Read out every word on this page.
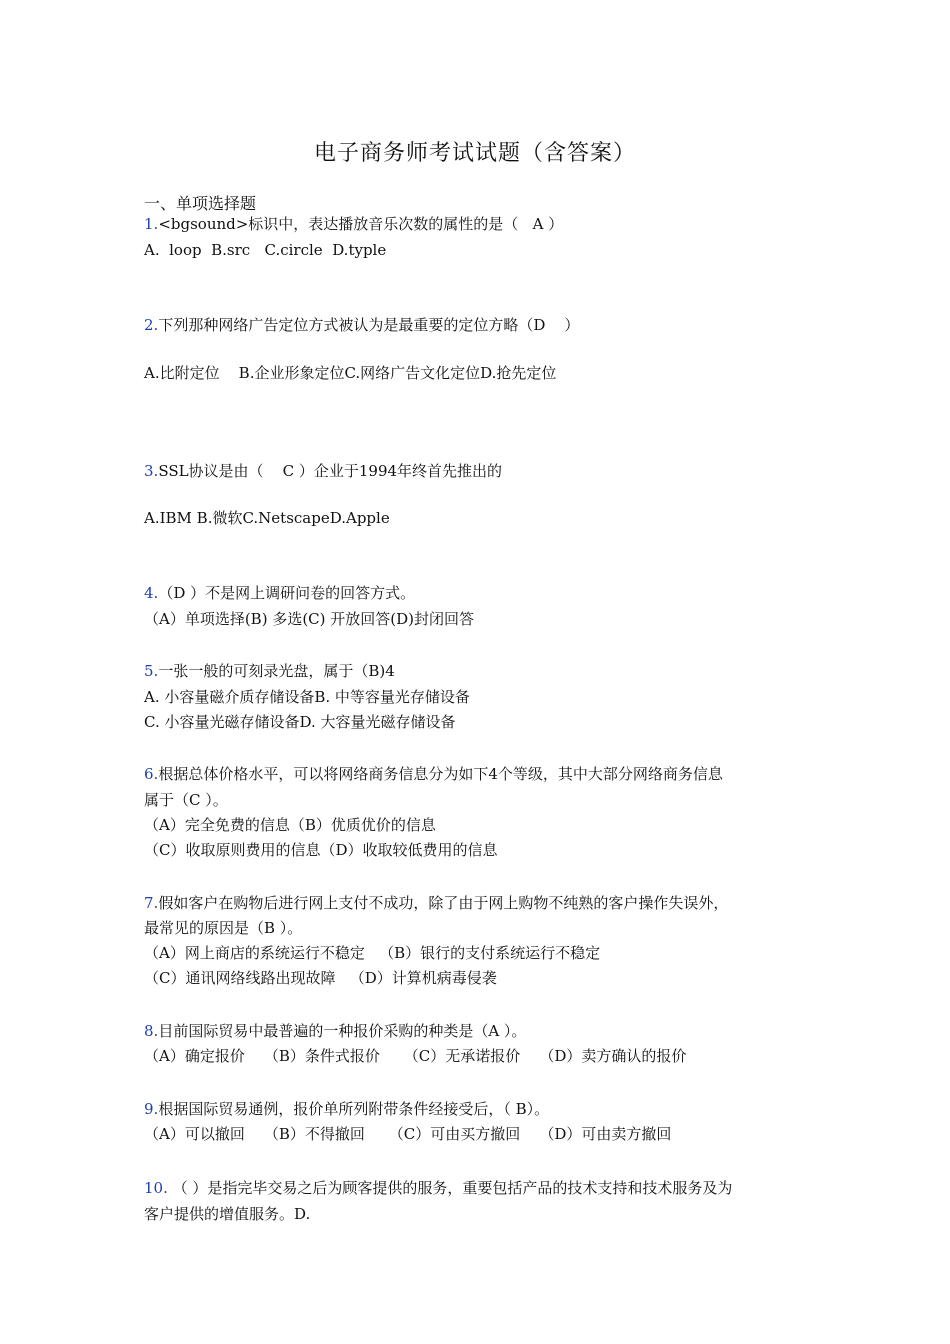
电子商务师考试试题（含答案）
一、单项选择题
1.<bgsound>标识中，表达播放音乐次数的属性的是（   A ）
A.  loop  B.src   C.circle  D.typle
2.下列那种网络广告定位方式被认为是最重要的定位方略（D    ）
A.比附定位    B.企业形象定位C.网络广告文化定位D.抢先定位
3.SSL协议是由（    C ）企业于1994年终首先推出的
A.IBM B.微软C.NetscapeD.Apple
4.（D ）不是网上调研问卷的回答方式。
（A）单项选择(B) 多选(C) 开放回答(D)封闭回答
5.一张一般的可刻录光盘，属于（B)4
A. 小容量磁介质存储设备B. 中等容量光存储设备
C. 小容量光磁存储设备D. 大容量光磁存储设备
6.根据总体价格水平，可以将网络商务信息分为如下4个等级，其中大部分网络商务信息
属于（C ）。
（A）完全免费的信息（B）优质优价的信息
（C）收取原则费用的信息（D）收取较低费用的信息
7.假如客户在购物后进行网上支付不成功，除了由于网上购物不纯熟的客户操作失误外，
最常见的原因是（B ）。
（A）网上商店的系统运行不稳定   （B）银行的支付系统运行不稳定
（C）通讯网络线路出现故障   （D）计算机病毒侵袭
8.目前国际贸易中最普遍的一种报价采购的种类是（A ）。
（A）确定报价    （B）条件式报价     （C）无承诺报价    （D）卖方确认的报价
9.根据国际贸易通例，报价单所列附带条件经接受后，（ B）。
（A）可以撤回    （B）不得撤回     （C）可由买方撤回    （D）可由卖方撤回
10. （ ）是指完毕交易之后为顾客提供的服务，重要包括产品的技术支持和技术服务及为
客户提供的增值服务。D.
